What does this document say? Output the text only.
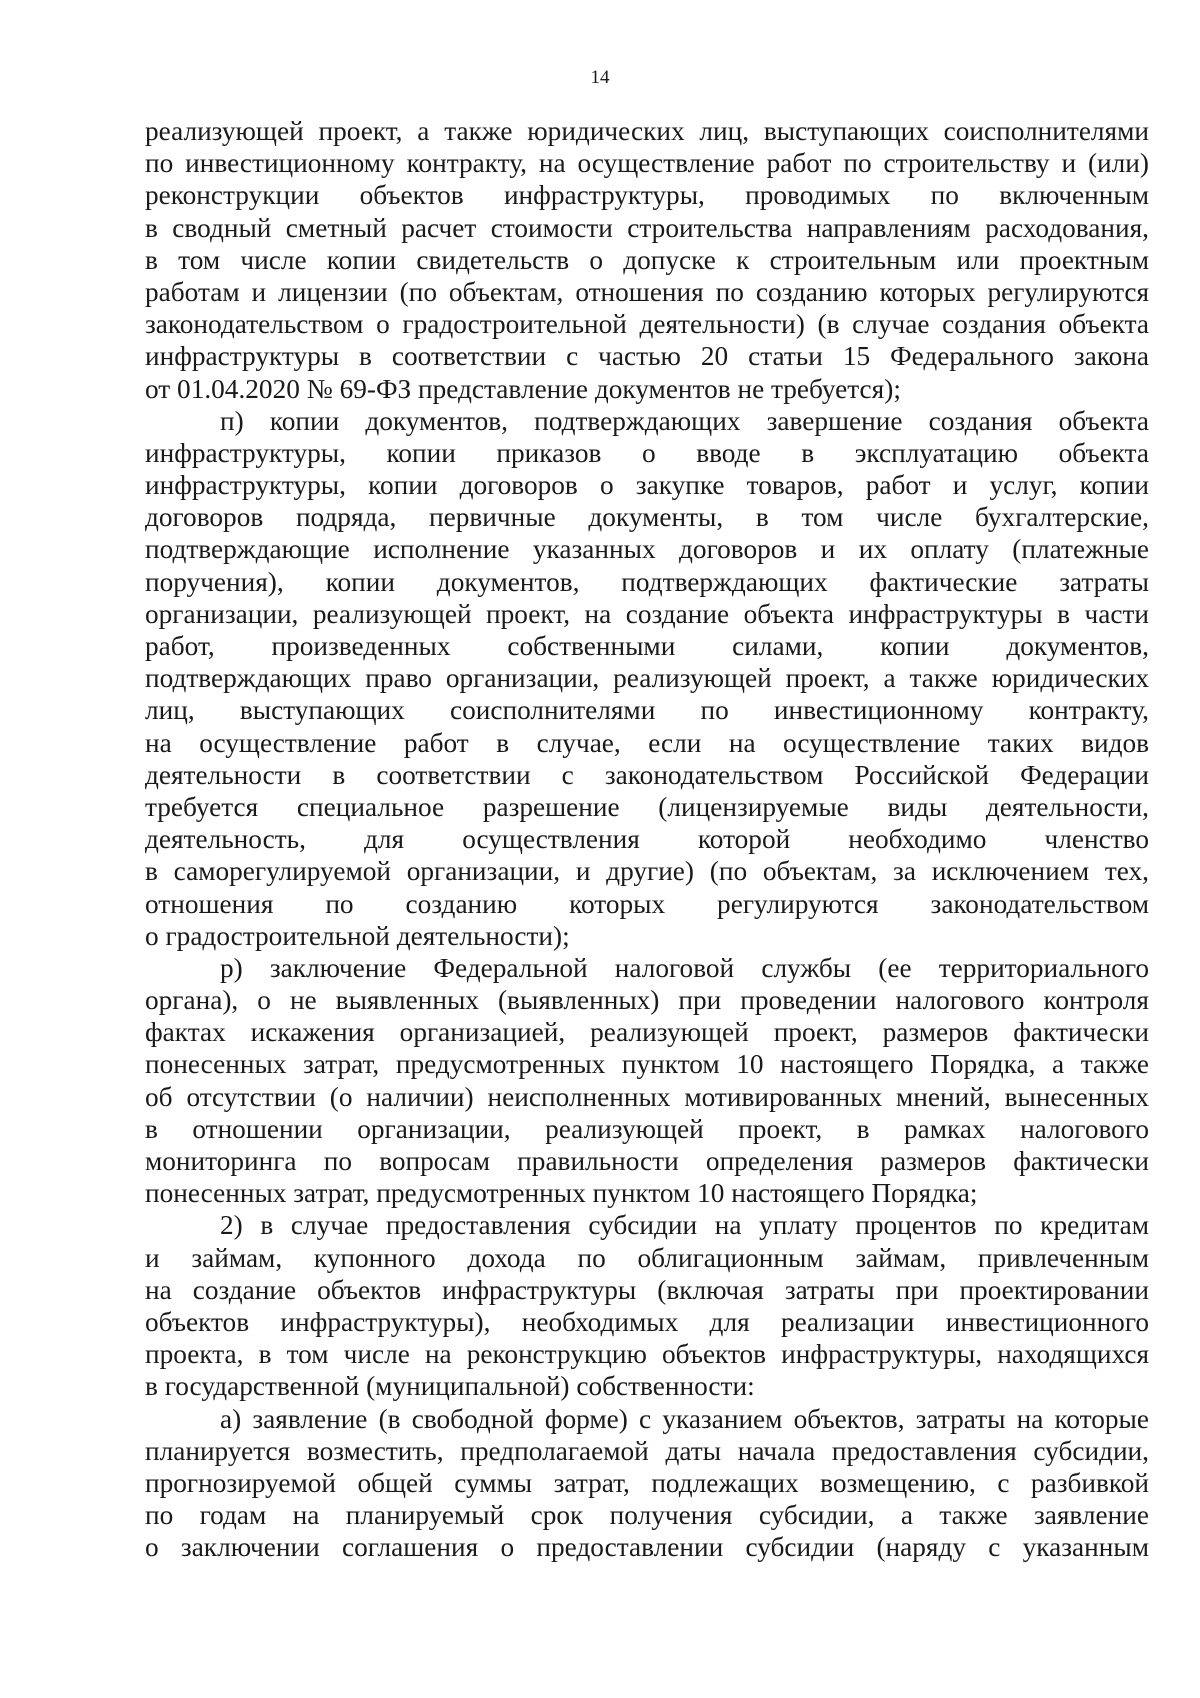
14
реализующей проект, а также юридических лиц, выступающих соисполнителями
по инвестиционному контракту, на осуществление работ по строительству и (или)
реконструкции объектов инфраструктуры, проводимых по включенным
в сводный сметный расчет стоимости строительства направлениям расходования,
в том числе копии свидетельств о допуске к строительным или проектным
работам и лицензии (по объектам, отношения по созданию которых регулируются
законодательством о градостроительной деятельности) (в случае создания объекта
инфраструктуры в соответствии с частью 20 статьи 15 Федерального закона
от 01.04.2020 № 69-ФЗ представление документов не требуется);
п) копии документов, подтверждающих завершение создания объекта
инфраструктуры, копии приказов о вводе в эксплуатацию объекта
инфраструктуры, копии договоров о закупке товаров, работ и услуг, копии
договоров подряда, первичные документы, в том числе бухгалтерские,
подтверждающие исполнение указанных договоров и их оплату (платежные
поручения), копии документов, подтверждающих фактические затраты
организации, реализующей проект, на создание объекта инфраструктуры в части
работ, произведенных собственными силами, копии документов,
подтверждающих право организации, реализующей проект, а также юридических
лиц, выступающих соисполнителями по инвестиционному контракту,
на осуществление работ в случае, если на осуществление таких видов
деятельности в соответствии с законодательством Российской Федерации
требуется специальное разрешение (лицензируемые виды деятельности,
деятельность, для осуществления которой необходимо членство
в саморегулируемой организации, и другие) (по объектам, за исключением тех,
отношения по созданию которых регулируются законодательством
о градостроительной деятельности);
р) заключение Федеральной налоговой службы (ее территориального
органа), о не выявленных (выявленных) при проведении налогового контроля
фактах искажения организацией, реализующей проект, размеров фактически
понесенных затрат, предусмотренных пунктом 10 настоящего Порядка, а также
об отсутствии (о наличии) неисполненных мотивированных мнений, вынесенных
в отношении организации, реализующей проект, в рамках налогового
мониторинга по вопросам правильности определения размеров фактически
понесенных затрат, предусмотренных пунктом 10 настоящего Порядка;
2) в случае предоставления субсидии на уплату процентов по кредитам
и займам, купонного дохода по облигационным займам, привлеченным
на создание объектов инфраструктуры (включая затраты при проектировании
объектов инфраструктуры), необходимых для реализации инвестиционного
проекта, в том числе на реконструкцию объектов инфраструктуры, находящихся
в государственной (муниципальной) собственности:
а) заявление (в свободной форме) с указанием объектов, затраты на которые
планируется возместить, предполагаемой даты начала предоставления субсидии,
прогнозируемой общей суммы затрат, подлежащих возмещению, с разбивкой
по годам на планируемый срок получения субсидии, а также заявление
о заключении соглашения о предоставлении субсидии (наряду с указанным
